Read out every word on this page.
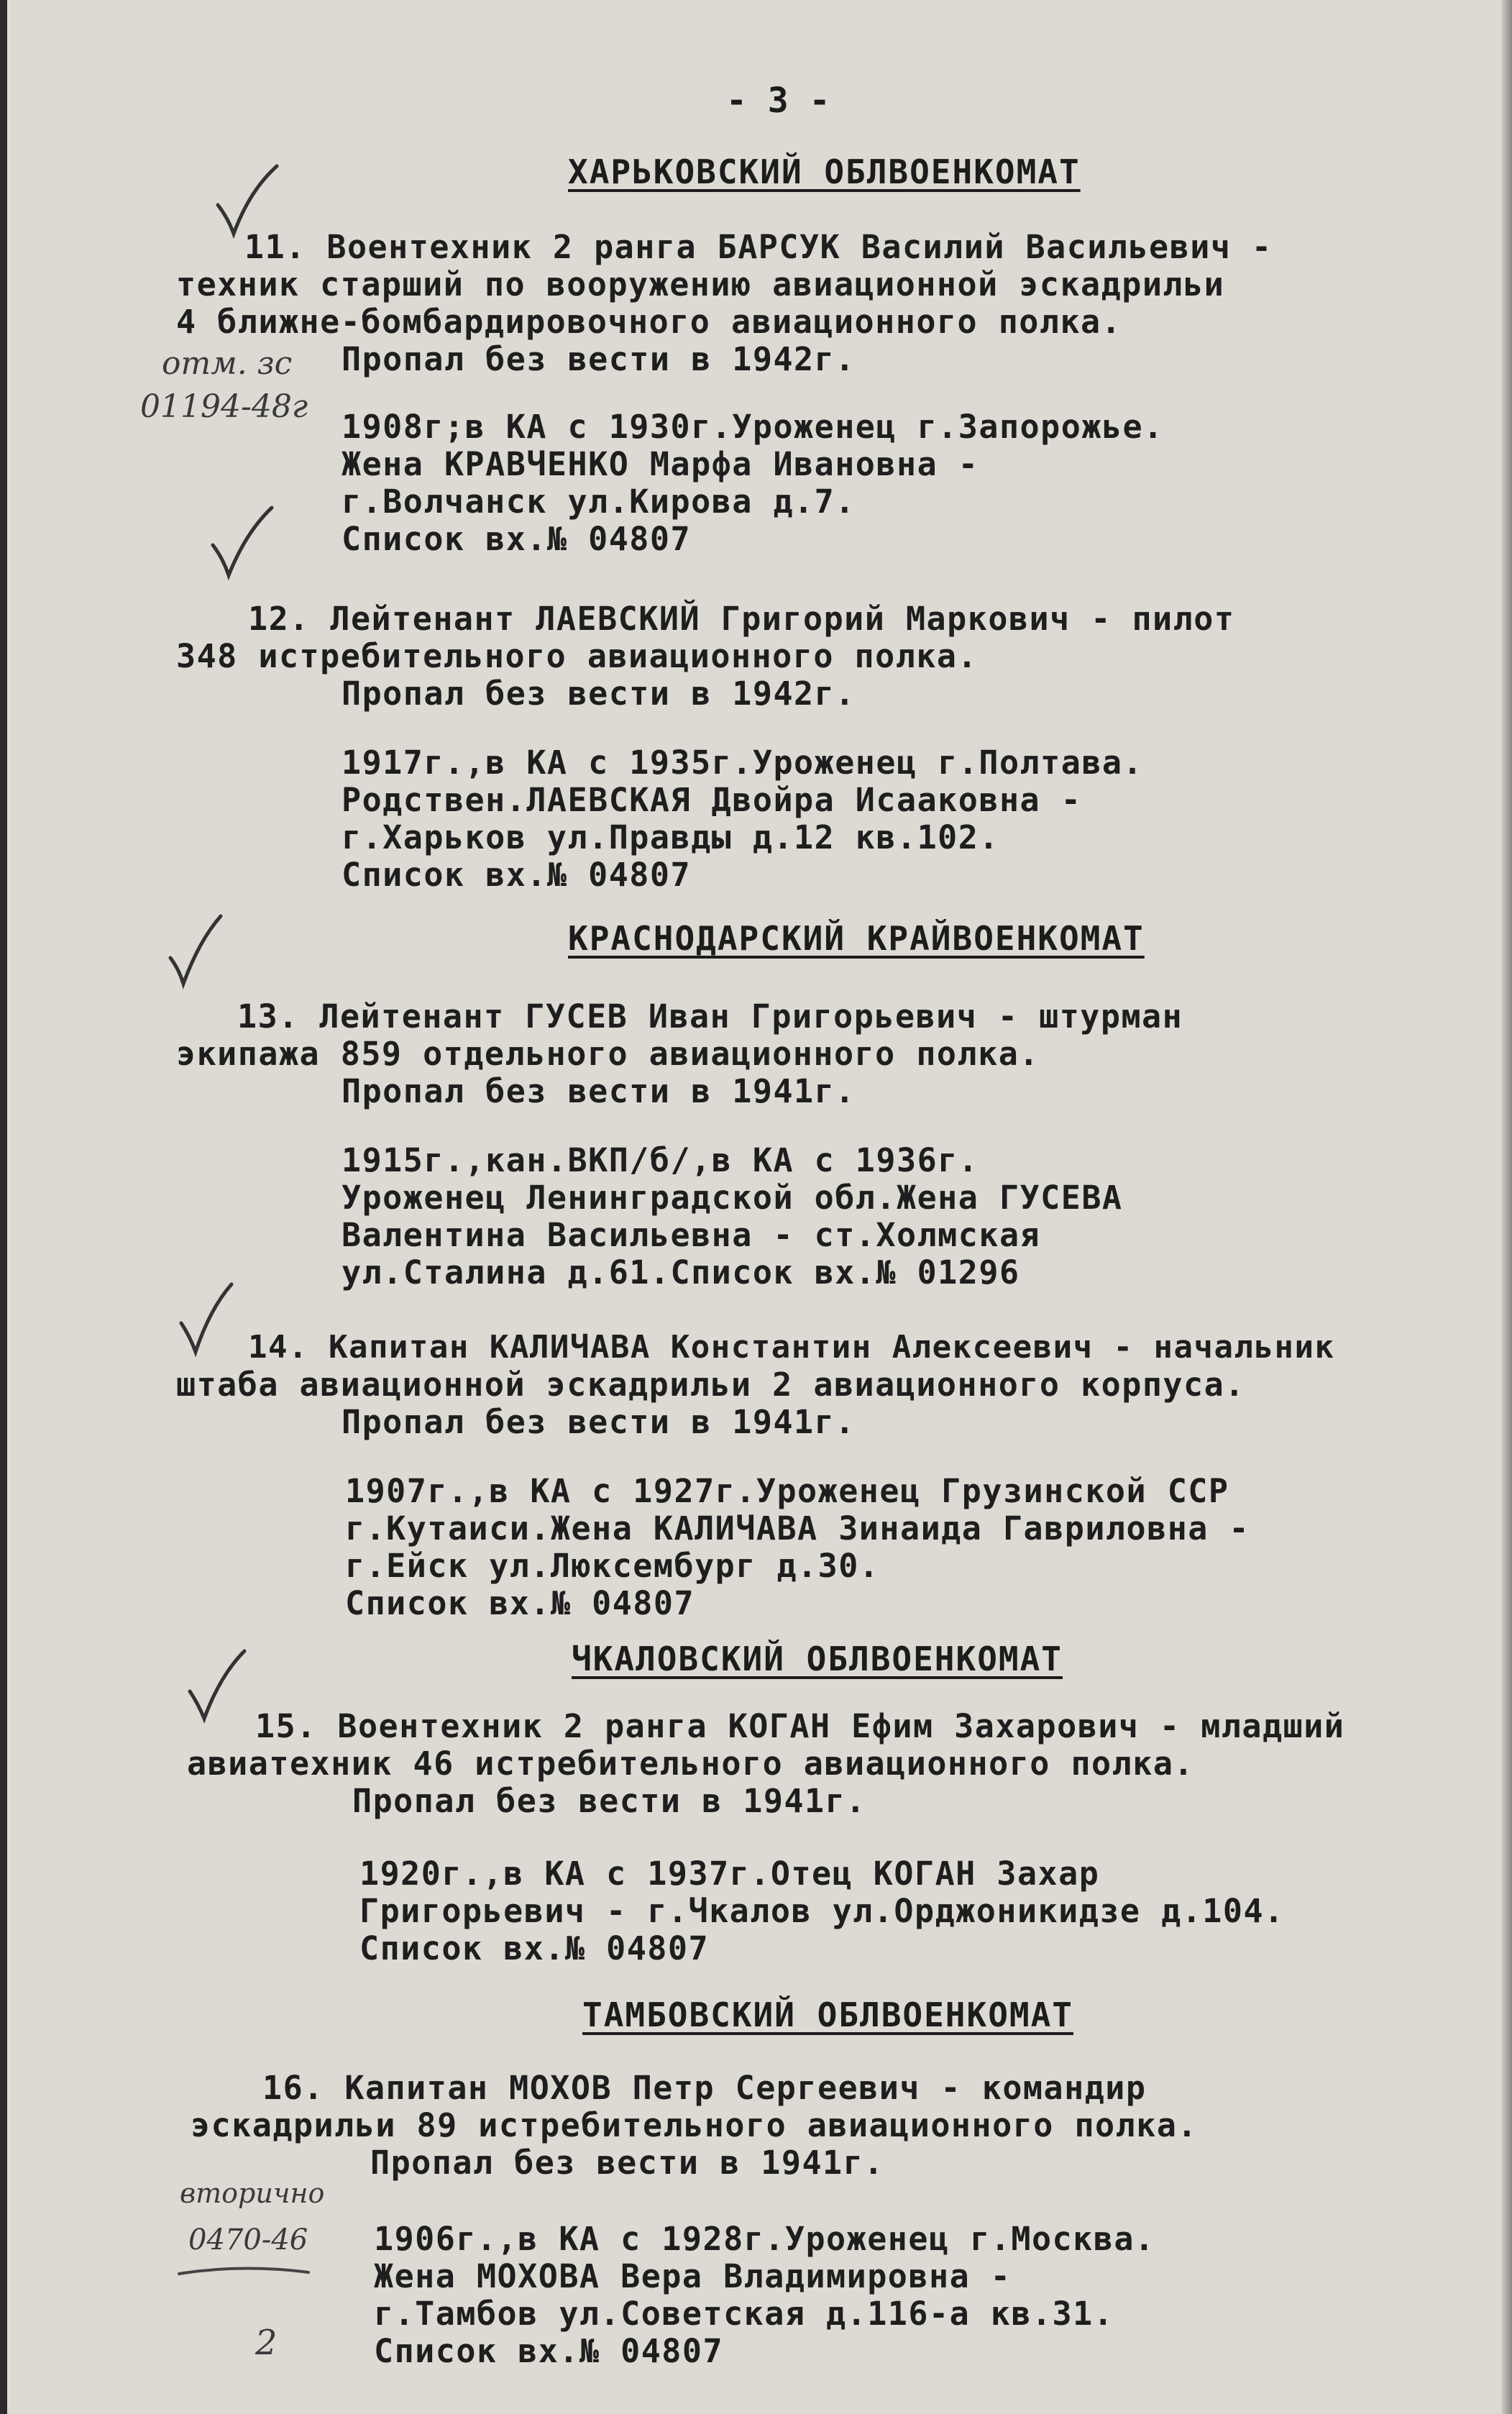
- 3 -
ХАРЬКОВСКИЙ ОБЛВОЕНКОМАТ
11. Воентехник 2 ранга БАРСУК Василий Васильевич -
техник старший по вооружению авиационной эскадрильи
4 ближне-бомбардировочного авиационного полка.
Пропал без вести в 1942г.
1908г;в КА с 1930г.Уроженец г.Запорожье.
Жена КРАВЧЕНКО Марфа Ивановна -
г.Волчанск ул.Кирова д.7.
Список вх.№ 04807
12. Лейтенант ЛАЕВСКИЙ Григорий Маркович - пилот
348 истребительного авиационного полка.
Пропал без вести в 1942г.
1917г.,в КА с 1935г.Уроженец г.Полтава.
Родствен.ЛАЕВСКАЯ Двойра Исааковна -
г.Харьков ул.Правды д.12 кв.102.
Список вх.№ 04807
КРАСНОДАРСКИЙ КРАЙВОЕНКОМАТ
13. Лейтенант ГУСЕВ Иван Григорьевич - штурман
экипажа 859 отдельного авиационного полка.
Пропал без вести в 1941г.
1915г.,кан.ВКП/б/,в КА с 1936г.
Уроженец Ленинградской обл.Жена ГУСЕВА
Валентина Васильевна - ст.Холмская
ул.Сталина д.61.Список вх.№ 01296
14. Капитан КАЛИЧАВА Константин Алексеевич - начальник
штаба авиационной эскадрильи 2 авиационного корпуса.
Пропал без вести в 1941г.
1907г.,в КА с 1927г.Уроженец Грузинской ССР
г.Кутаиси.Жена КАЛИЧАВА Зинаида Гавриловна -
г.Ейск ул.Люксембург д.30.
Список вх.№ 04807
ЧКАЛОВСКИЙ ОБЛВОЕНКОМАТ
15. Воентехник 2 ранга КОГАН Ефим Захарович - младший
авиатехник 46 истребительного авиационного полка.
Пропал без вести в 1941г.
1920г.,в КА с 1937г.Отец КОГАН Захар
Григорьевич - г.Чкалов ул.Орджоникидзе д.104.
Список вх.№ 04807
ТАМБОВСКИЙ ОБЛВОЕНКОМАТ
16. Капитан МОХОВ Петр Сергеевич - командир
эскадрильи 89 истребительного авиационного полка.
Пропал без вести в 1941г.
1906г.,в КА с 1928г.Уроженец г.Москва.
Жена МОХОВА Вера Владимировна -
г.Тамбов ул.Советская д.116-а кв.31.
Список вх.№ 04807
отм. зс
01194-48г
вторично
0470-46
2
